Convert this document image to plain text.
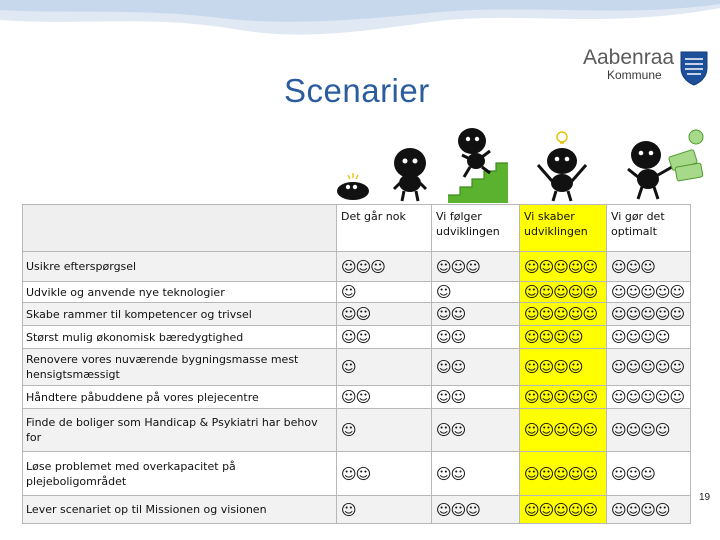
Scenarier
Aabenraa
Kommune
	Det går nok	Vi følger udviklingen	Vi skaber udviklingen	Vi gør det optimalt
Usikre efterspørgsel	☺☺☺	☺☺☺	☺☺☺☺☺	☺☺☺
Udvikle og anvende nye teknologier	☺	☺	☺☺☺☺☺	☺☺☺☺☺
Skabe rammer til kompetencer og trivsel	☺☺	☺☺	☺☺☺☺☺	☺☺☺☺☺
Størst mulig økonomisk bæredygtighed	☺☺	☺☺	☺☺☺☺	☺☺☺☺
Renovere vores nuværende bygningsmasse mest hensigtsmæssigt	☺	☺☺	☺☺☺☺	☺☺☺☺☺
Håndtere påbuddene på vores plejecentre	☺☺	☺☺	☺☺☺☺☺	☺☺☺☺☺
Finde de boliger som Handicap & Psykiatri har behov for	☺	☺☺	☺☺☺☺☺	☺☺☺☺
Løse problemet med overkapacitet på plejeboligområdet	☺☺	☺☺	☺☺☺☺☺	☺☺☺
Lever scenariet op til Missionen og visionen	☺	☺☺☺	☺☺☺☺☺	☺☺☺☺
19
